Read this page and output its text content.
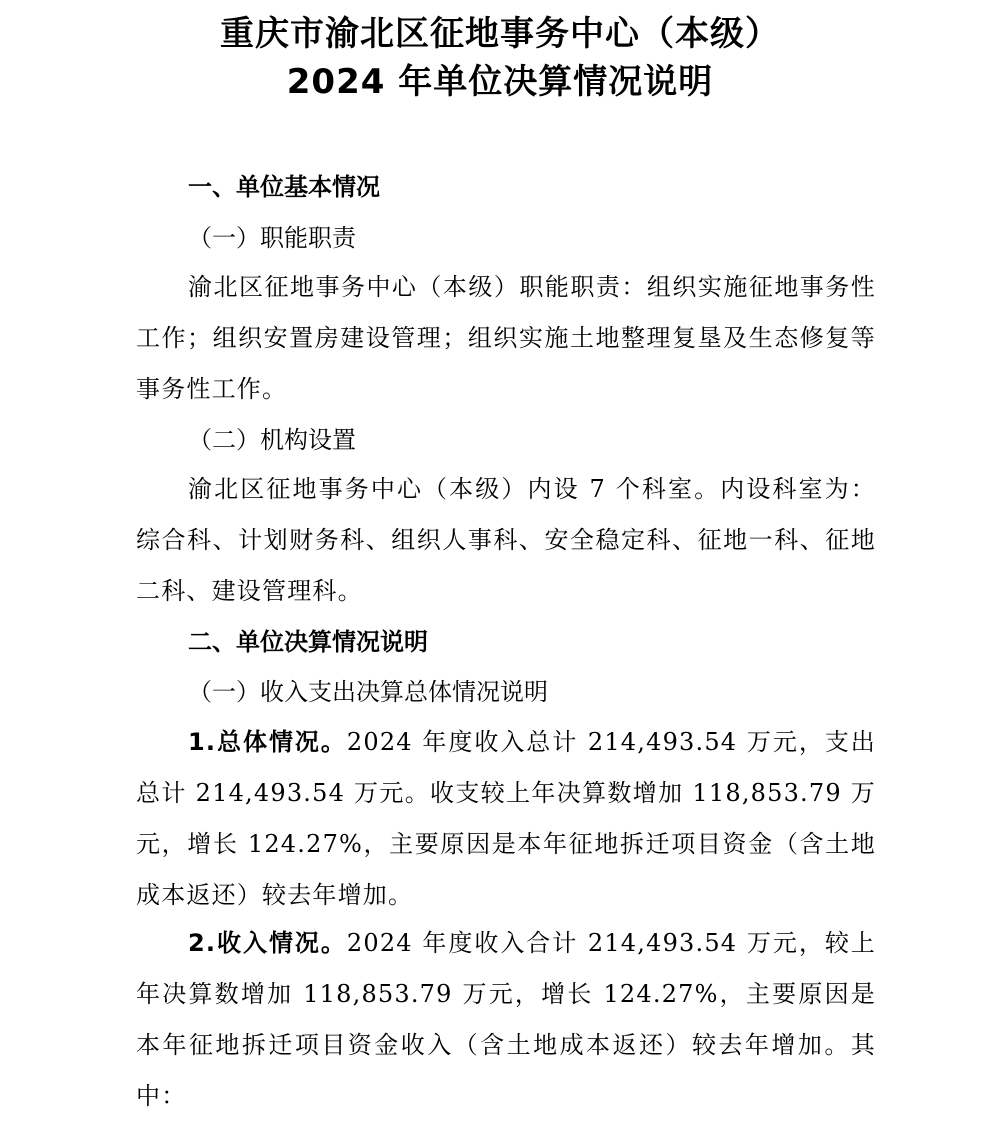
重庆市渝北区征地事务中心（本级）
2024 年单位决算情况说明
一、单位基本情况
（一）职能职责
渝北区征地事务中心（本级）职能职责：组织实施征地事务性工作；组织安置房建设管理；组织实施土地整理复垦及生态修复等事务性工作。
（二）机构设置
渝北区征地事务中心（本级）内设 7 个科室。内设科室为：综合科、计划财务科、组织人事科、安全稳定科、征地一科、征地二科、建设管理科。
二、单位决算情况说明
（一）收入支出决算总体情况说明
1.总体情况。2024 年度收入总计 214,493.54 万元，支出总计 214,493.54 万元。收支较上年决算数增加 118,853.79 万元，增长 124.27%，主要原因是本年征地拆迁项目资金（含土地成本返还）较去年增加。
2.收入情况。2024 年度收入合计 214,493.54 万元，较上年决算数增加 118,853.79 万元，增长 124.27%，主要原因是本年征地拆迁项目资金收入（含土地成本返还）较去年增加。其中：
